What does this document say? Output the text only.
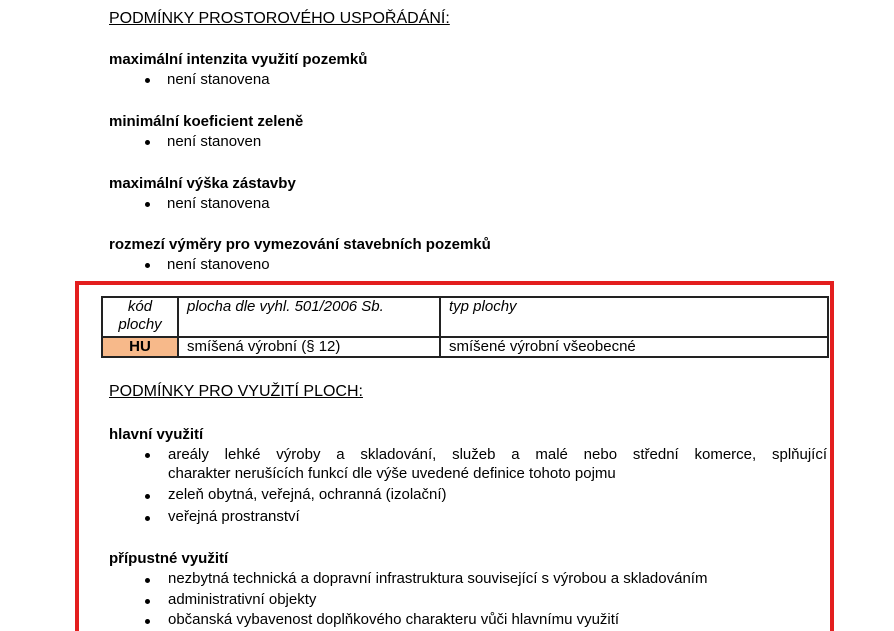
PODMÍNKY PROSTOROVÉHO USPOŘÁDÁNÍ:
maximální intenzita využití pozemků
není stanovena
minimální koeficient zeleně
není stanoven
maximální výška zástavby
není stanovena
rozmezí výměry pro vymezování stavebních pozemků
není stanoveno
kód plochy	plocha dle vyhl. 501/2006 Sb.	typ plochy
HU	smíšená výrobní (§ 12)	smíšené výrobní všeobecné
PODMÍNKY PRO VYUŽITÍ PLOCH:
hlavní využití
areály lehké výroby a skladování, služeb a malé nebo střední komerce, splňující
charakter nerušících funkcí dle výše uvedené definice tohoto pojmu
zeleň obytná, veřejná, ochranná (izolační)
veřejná prostranství
přípustné využití
nezbytná technická a dopravní infrastruktura související s výrobou a skladováním
administrativní objekty
občanská vybavenost doplňkového charakteru vůči hlavnímu využití
